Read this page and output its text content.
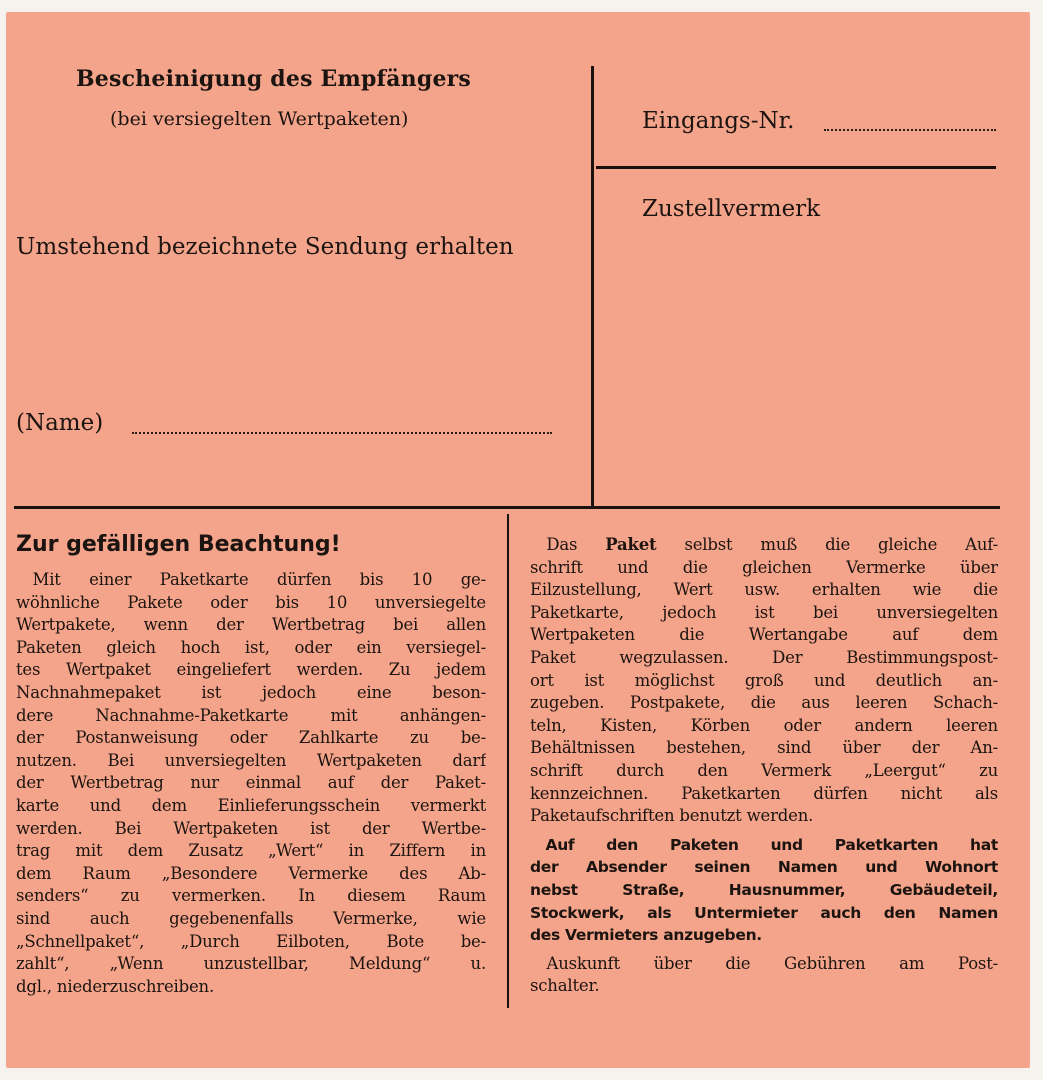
Bescheinigung des Empfängers
(bei versiegelten Wertpaketen)
Umstehend bezeichnete Sendung erhalten
(Name)
Eingangs-Nr.
Zustellvermerk
Zur gefälligen Beachtung!
Mit einer Paketkarte dürfen bis 10 ge-
wöhnliche Pakete oder bis 10 unversiegelte
Wertpakete, wenn der Wertbetrag bei allen
Paketen gleich hoch ist, oder ein versiegel-
tes Wertpaket eingeliefert werden. Zu jedem
Nachnahmepaket ist jedoch eine beson-
dere Nachnahme-Paketkarte mit anhängen-
der Postanweisung oder Zahlkarte zu be-
nutzen. Bei unversiegelten Wertpaketen darf
der Wertbetrag nur einmal auf der Paket-
karte und dem Einlieferungsschein vermerkt
werden. Bei Wertpaketen ist der Wertbe-
trag mit dem Zusatz „Wert“ in Ziffern in
dem Raum „Besondere Vermerke des Ab-
senders“ zu vermerken. In diesem Raum
sind auch gegebenenfalls Vermerke, wie
„Schnellpaket“, „Durch Eilboten, Bote be-
zahlt“, „Wenn unzustellbar, Meldung“ u.
dgl., niederzuschreiben.
 Das Paket selbst muß die gleiche Auf-
schrift und die gleichen Vermerke über
Eilzustellung, Wert usw. erhalten wie die
Paketkarte, jedoch ist bei unversiegelten
Wertpaketen die Wertangabe auf dem
Paket wegzulassen. Der Bestimmungspost-
ort ist möglichst groß und deutlich an-
zugeben. Postpakete, die aus leeren Schach-
teln, Kisten, Körben oder andern leeren
Behältnissen bestehen, sind über der An-
schrift durch den Vermerk „Leergut“ zu
kennzeichnen. Paketkarten dürfen nicht als
Paketaufschriften benutzt werden.
Auf den Paketen und Paketkarten hat
der Absender seinen Namen und Wohnort
nebst Straße, Hausnummer, Gebäudeteil,
Stockwerk, als Untermieter auch den Namen
des Vermieters anzugeben.
Auskunft über die Gebühren am Post-
schalter.
